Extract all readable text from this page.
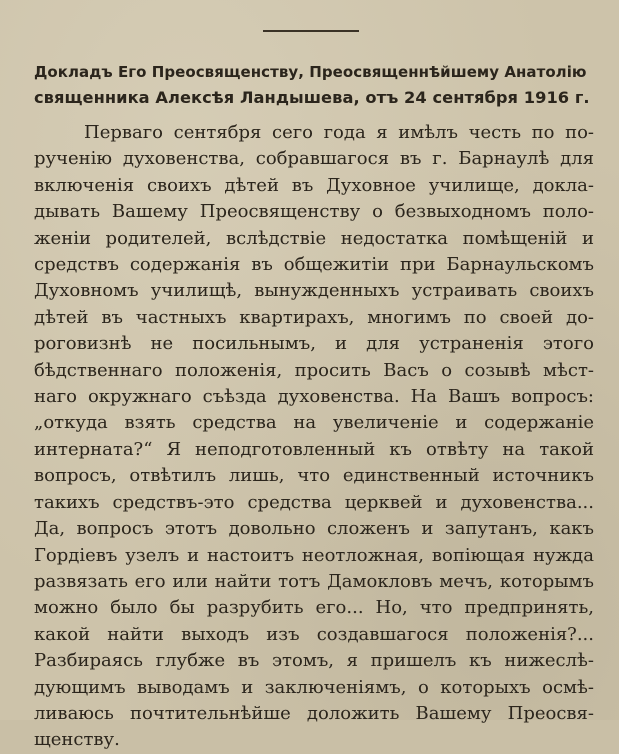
Докладъ Его Преосвященству, Преосвященнѣйшему Анатолію
священника Алексѣя Ландышева, отъ 24 сентября 1916 г.
Перваго сентября сего года я имѣлъ честь по по-
рученію духовенства, собравшагося въ г. Барнаулѣ для
включенія своихъ дѣтей въ Духовное училище, докла-
дывать Вашему Преосвященству о безвыходномъ поло-
женіи родителей, вслѣдствіе недостатка помѣщеній и
средствъ содержанія въ общежитіи при Барнаульскомъ
Духовномъ училищѣ, вынужденныхъ устраивать своихъ
дѣтей въ частныхъ квартирахъ, многимъ по своей до-
роговизнѣ не посильнымъ, и для устраненія этого
бѣдственнаго положенія, просить Васъ о созывѣ мѣст-
наго окружнаго съѣзда духовенства. На Вашъ вопросъ:
„откуда взять средства на увеличеніе и содержаніе
интерната?“ Я неподготовленный къ отвѣту на такой
вопросъ, отвѣтилъ лишь, что единственный источникъ
такихъ средствъ-это средства церквей и духовенства...
Да, вопросъ этотъ довольно сложенъ и запутанъ, какъ
Гордіевъ узелъ и настоитъ неотложная, вопіющая нужда
развязать его или найти тотъ Дамокловъ мечъ, которымъ
можно было бы разрубить его... Но, что предпринять,
какой найти выходъ изъ создавшагося положенія?...
Разбираясь глубже въ этомъ, я пришелъ къ нижеслѣ-
дующимъ выводамъ и заключеніямъ, о которыхъ осмѣ-
ливаюсь почтительнѣйше доложить Вашему Преосвя-
щенству.
